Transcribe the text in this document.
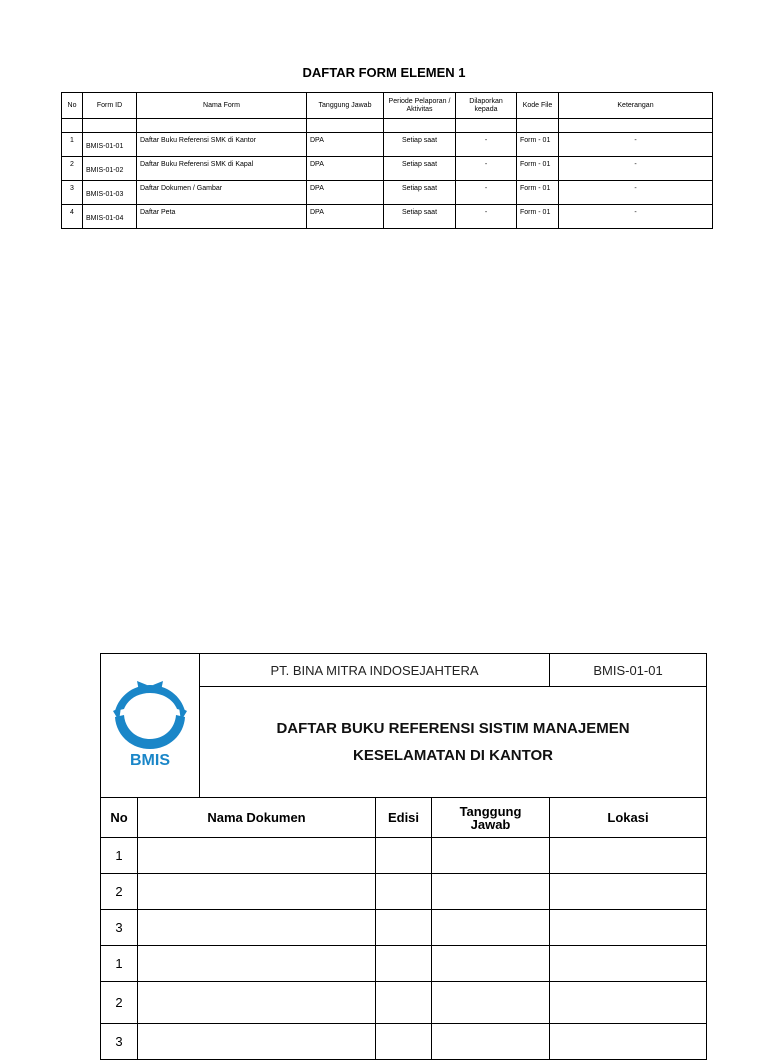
DAFTAR FORM ELEMEN 1
No	Form ID	Nama Form	Tanggung Jawab	Periode Pelaporan / Aktivitas	Dilaporkan kepada	Kode File	Keterangan

1	BMIS-01-01	Daftar Buku Referensi SMK di Kantor	DPA	Setiap saat	-	Form - 01	-
2	BMIS-01-02	Daftar Buku Referensi SMK di Kapal	DPA	Setiap saat	-	Form - 01	-
3	BMIS-01-03	Daftar Dokumen / Gambar	DPA	Setiap saat	-	Form - 01	-
4	BMIS-01-04	Daftar Peta	DPA	Setiap saat	-	Form - 01	-
BMIS		PT. BINA MITRA INDOSEJAHTERA			BMIS-01-01

		DAFTAR BUKU REFERENSI SISTIM MANAJEMEN
KESELAMATAN DI KANTOR			

No	Nama Dokumen		Edisi	Tanggung Jawab	Lokasi
1					
2					
3					
1					
2					
3					
